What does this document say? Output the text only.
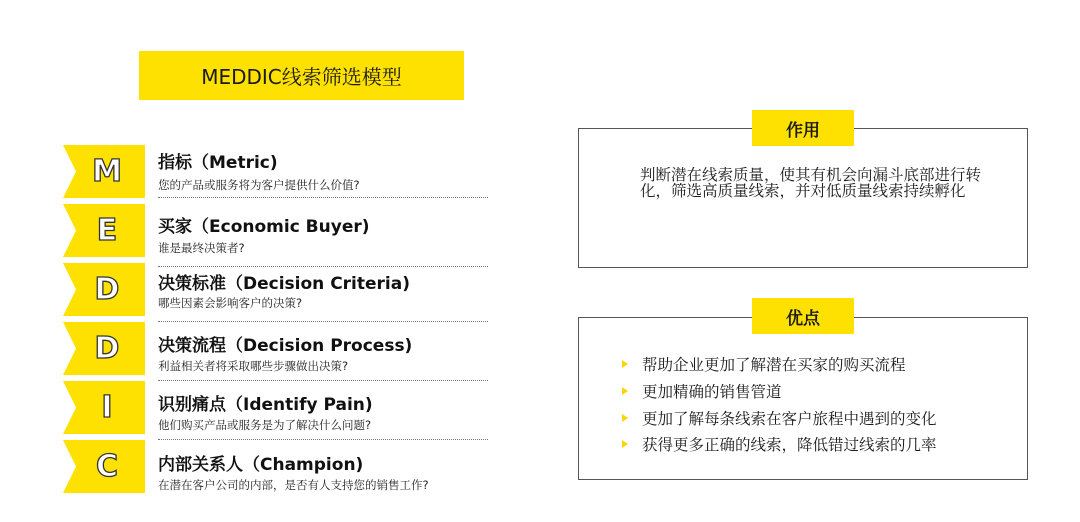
MEDDIC线索筛选模型
M
E
D
D
I
C
指标（Metric)
您的产品或服务将为客户提供什么价值?
买家（Economic Buyer)
谁是最终决策者?
决策标准（Decision Criteria)
哪些因素会影响客户的决策?
决策流程（Decision Process)
利益相关者将采取哪些步骤做出决策?
识别痛点（Identify Pain)
他们购买产品或服务是为了解决什么问题?
内部关系人（Champion)
在潜在客户公司的内部，是否有人支持您的销售工作?
作用
判断潜在线索质量，使其有机会向漏斗底部进行转化，筛选高质量线索，并对低质量线索持续孵化
优点
帮助企业更加了解潜在买家的购买流程
更加精确的销售管道
更加了解每条线索在客户旅程中遇到的变化
获得更多正确的线索，降低错过线索的几率
